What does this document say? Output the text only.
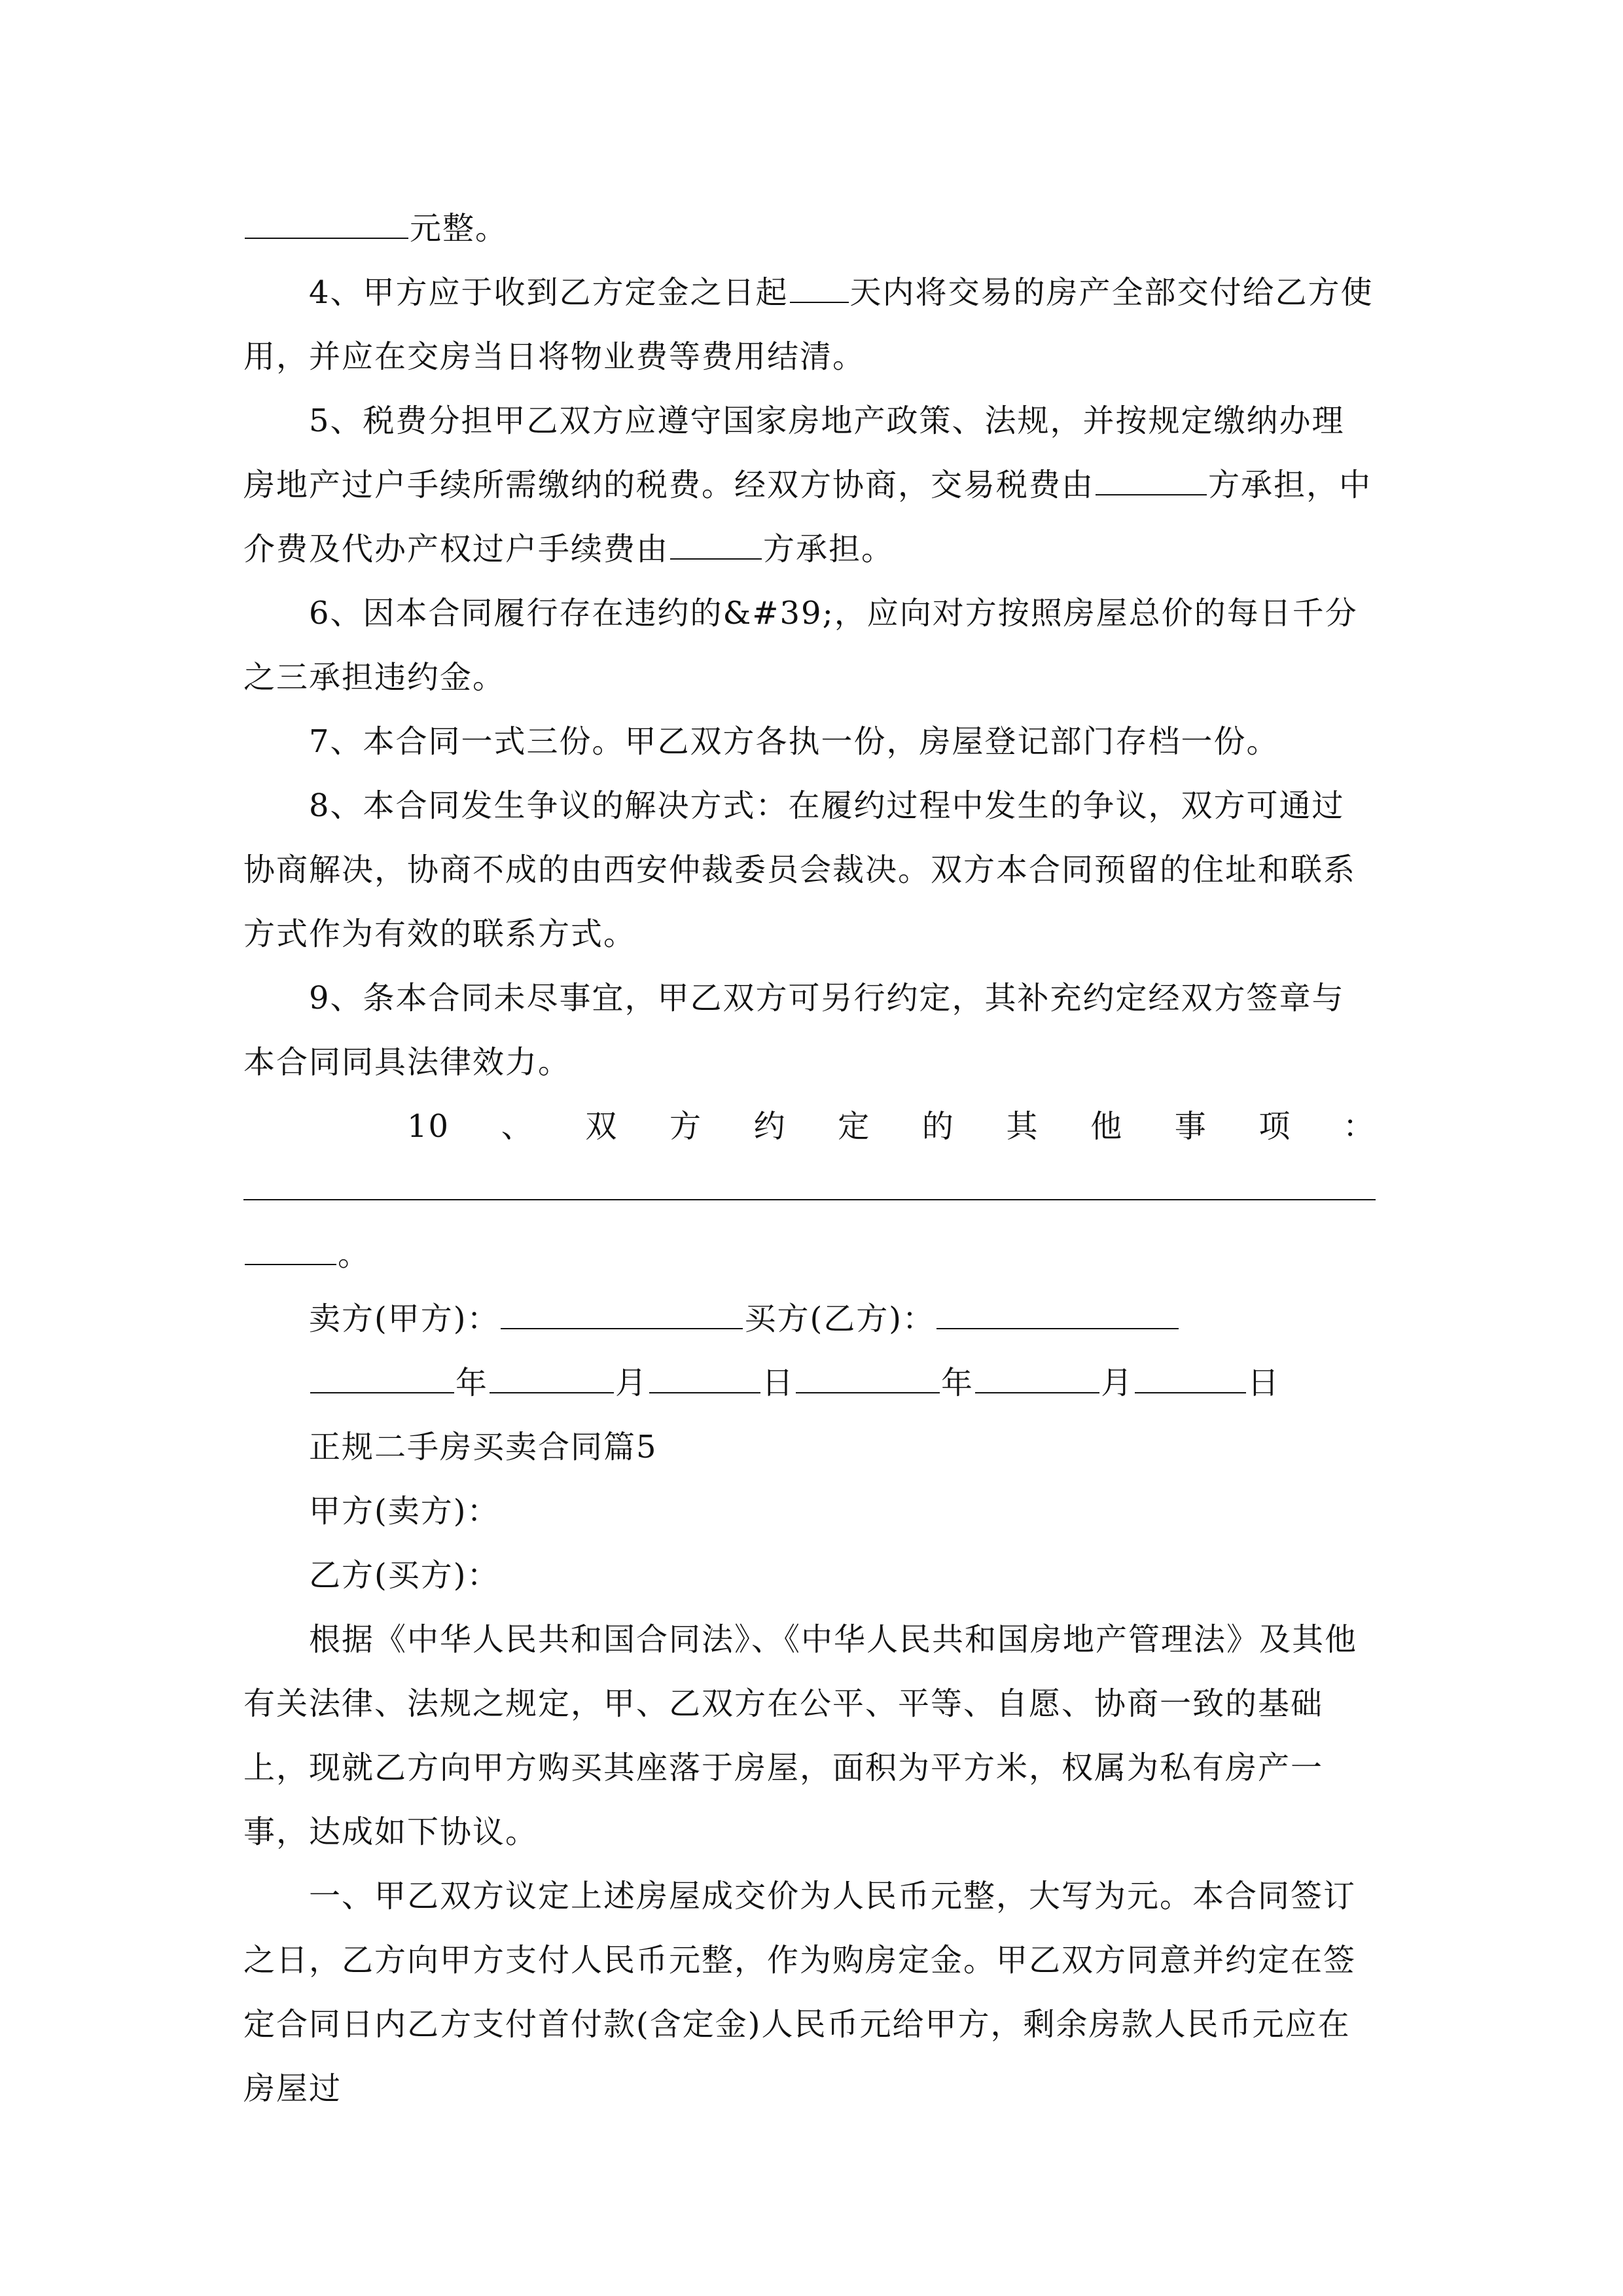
元整。

4、甲方应于收到乙方定金之日起 天内将交易的房产全部交付给乙方使用，并应在交房当日将物业费等费用结清。

5、税费分担甲乙双方应遵守国家房地产政策、法规，并按规定缴纳办理房地产过户手续所需缴纳的税费。经双方协商，交易税费由	方承担，中介费及代办产权过户手续费由	方承担。

6、因本合同履行存在违约的&#39;，应向对方按照房屋总价的每日千分之三承担违约金。

7、本合同一式三份。甲乙双方各执一份，房屋登记部门存档一份。

8、本合同发生争议的解决方式：在履约过程中发生的争议，双方可通过协商解决，协商不成的由西安仲裁委员会裁决。双方本合同预留的住址和联系方式作为有效的联系方式。

9、条本合同未尽事宜，甲乙双方可另行约定，其补充约定经双方签章与本合同同具法律效力。

10 、 双 方 约 定 的 其 他 事 项 ：
。
卖方(甲方)：	买方(乙方)：
年	月	日	年	月	日

正规二手房买卖合同篇5

甲方(卖方)：

乙方(买方)：

根据《中华人民共和国合同法》、《中华人民共和国房地产管理法》及其他有关法律、法规之规定，甲、乙双方在公平、平等、自愿、协商一致的基础上，现就乙方向甲方购买其座落于房屋，面积为平方米，权属为私有房产一事，达成如下协议。

一、甲乙双方议定上述房屋成交价为人民币元整，大写为元。本合同签订之日，乙方向甲方支付人民币元整，作为购房定金。甲乙双方同意并约定在签定合同日内乙方支付首付款(含定金)人民币元给甲方，剩余房款人民币元应在房屋过
